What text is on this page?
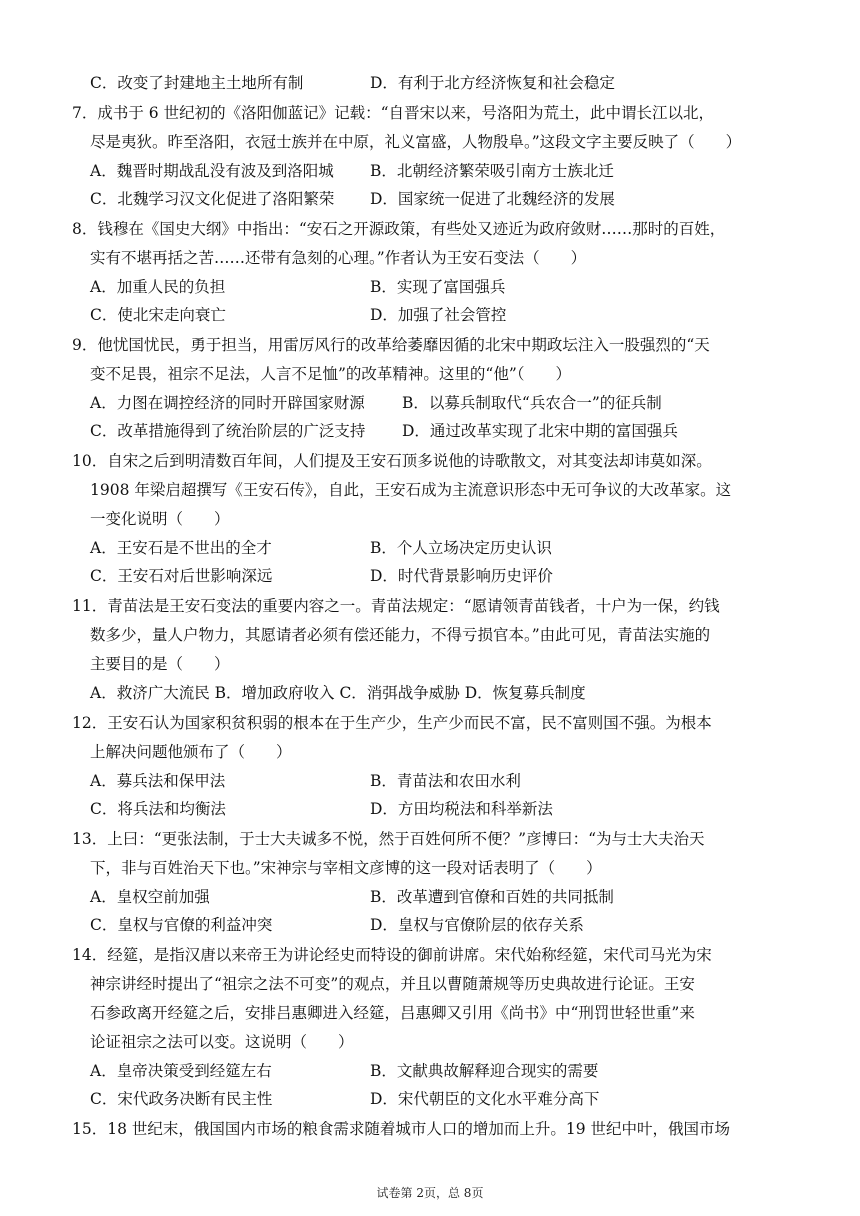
C．改变了封建地主土地所有制	D．有利于北方经济恢复和社会稳定
7．成书于 6 世纪初的《洛阳伽蓝记》记载：“自晋宋以来，号洛阳为荒土，此中谓长江以北，
尽是夷狄。昨至洛阳，衣冠士族并在中原，礼义富盛，人物殷阜。”这段文字主要反映了（　　）
A．魏晋时期战乱没有波及到洛阳城 B．北朝经济繁荣吸引南方士族北迁
C．北魏学习汉文化促进了洛阳繁荣 D．国家统一促进了北魏经济的发展
8．钱穆在《国史大纲》中指出：“安石之开源政策，有些处又迹近为政府敛财……那时的百姓，
实有不堪再括之苦……还带有急刻的心理。”作者认为王安石变法（　　）
A．加重人民的负担	B．实现了富国强兵
C．使北宋走向衰亡	D．加强了社会管控
9．他忧国忧民，勇于担当，用雷厉风行的改革给萎靡因循的北宋中期政坛注入一股强烈的“天
变不足畏，祖宗不足法，人言不足恤”的改革精神。这里的“他”（　　）
A．力图在调控经济的同时开辟国家财源 B．以募兵制取代“兵农合一”的征兵制
C．改革措施得到了统治阶层的广泛支持 D．通过改革实现了北宋中期的富国强兵
10．自宋之后到明清数百年间，人们提及王安石顶多说他的诗歌散文，对其变法却讳莫如深。
1908 年梁启超撰写《王安石传》，自此，王安石成为主流意识形态中无可争议的大改革家。这
一变化说明（　　）
A．王安石是不世出的全才	B．个人立场决定历史认识
C．王安石对后世影响深远	D．时代背景影响历史评价
11．青苗法是王安石变法的重要内容之一。青苗法规定：“愿请领青苗钱者，十户为一保，约钱
数多少，量人户物力，其愿请者必须有偿还能力，不得亏损官本。”由此可见，青苗法实施的
主要目的是（　　）
A．救济广大流民 B．增加政府收入 C．消弭战争威胁 D．恢复募兵制度
12．王安石认为国家积贫积弱的根本在于生产少，生产少而民不富，民不富则国不强。为根本
上解决问题他颁布了（　　）
A．募兵法和保甲法	B．青苗法和农田水利
C．将兵法和均衡法	D．方田均税法和科举新法
13．上曰：“更张法制，于士大夫诚多不悦，然于百姓何所不便？”彦博曰：“为与士大夫治天
下，非与百姓治天下也。”宋神宗与宰相文彦博的这一段对话表明了（　　）
A．皇权空前加强	B．改革遭到官僚和百姓的共同抵制
C．皇权与官僚的利益冲突	D．皇权与官僚阶层的依存关系
14．经筵，是指汉唐以来帝王为讲论经史而特设的御前讲席。宋代始称经筵，宋代司马光为宋
神宗讲经时提出了“祖宗之法不可变”的观点，并且以曹随萧规等历史典故进行论证。王安
石参政离开经筵之后，安排吕惠卿进入经筵，吕惠卿又引用《尚书》中“刑罚世轻世重”来
论证祖宗之法可以变。这说明（　　）
A．皇帝决策受到经筵左右	B．文献典故解释迎合现实的需要
C．宋代政务决断有民主性	D．宋代朝臣的文化水平难分高下
15．18 世纪末，俄国国内市场的粮食需求随着城市人口的增加而上升。19 世纪中叶，俄国市场
试卷第 2页，总 8页
